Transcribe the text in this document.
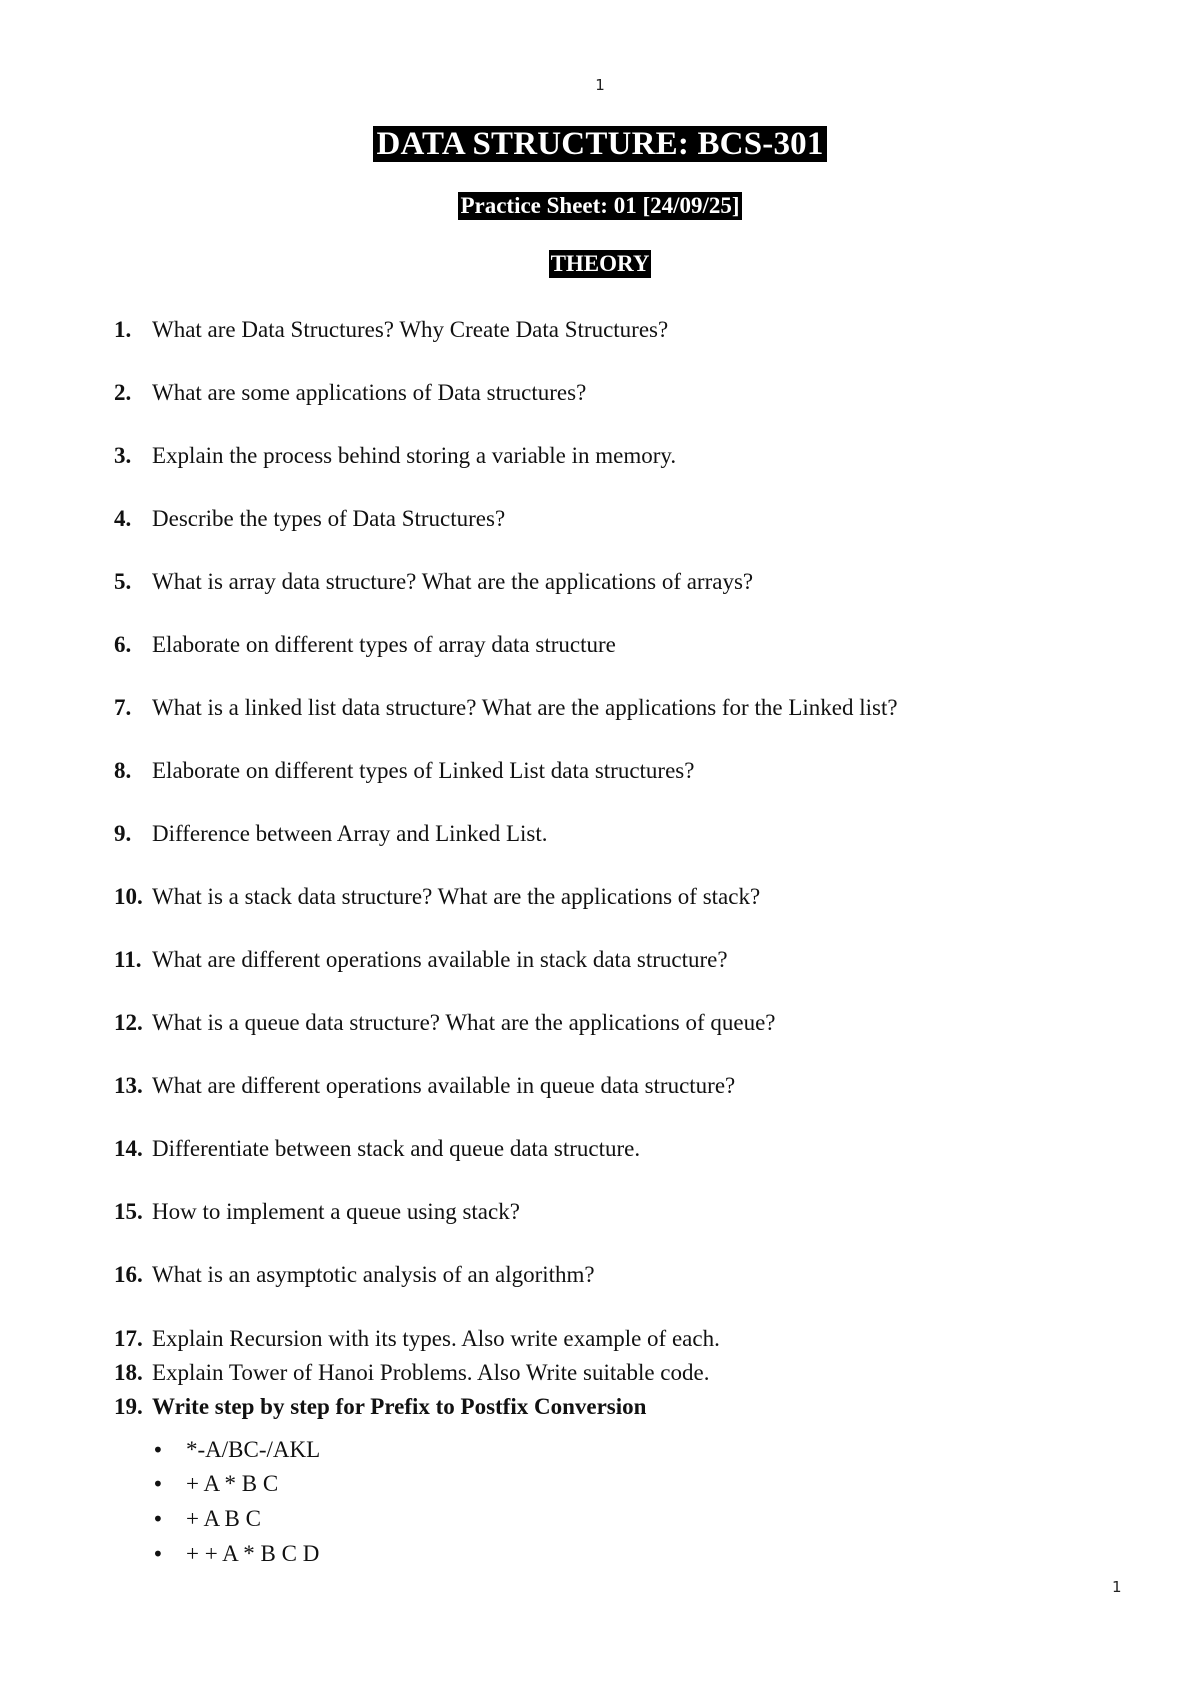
1
DATA STRUCTURE: BCS-301
Practice Sheet: 01 [24/09/25]
THEORY
1. What are Data Structures? Why Create Data Structures?
2. What are some applications of Data structures?
3. Explain the process behind storing a variable in memory.
4. Describe the types of Data Structures?
5. What is array data structure? What are the applications of arrays?
6. Elaborate on different types of array data structure
7. What is a linked list data structure? What are the applications for the Linked list?
8. Elaborate on different types of Linked List data structures?
9. Difference between Array and Linked List.
10. What is a stack data structure? What are the applications of stack?
11. What are different operations available in stack data structure?
12. What is a queue data structure? What are the applications of queue?
13. What are different operations available in queue data structure?
14. Differentiate between stack and queue data structure.
15. How to implement a queue using stack?
16. What is an asymptotic analysis of an algorithm?
17. Explain Recursion with its types. Also write example of each.
18. Explain Tower of Hanoi Problems. Also Write suitable code.
19. Write step by step for Prefix to Postfix Conversion
• *-A/BC-/AKL
• + A * B C
• + A B C
• + + A * B C D
1
